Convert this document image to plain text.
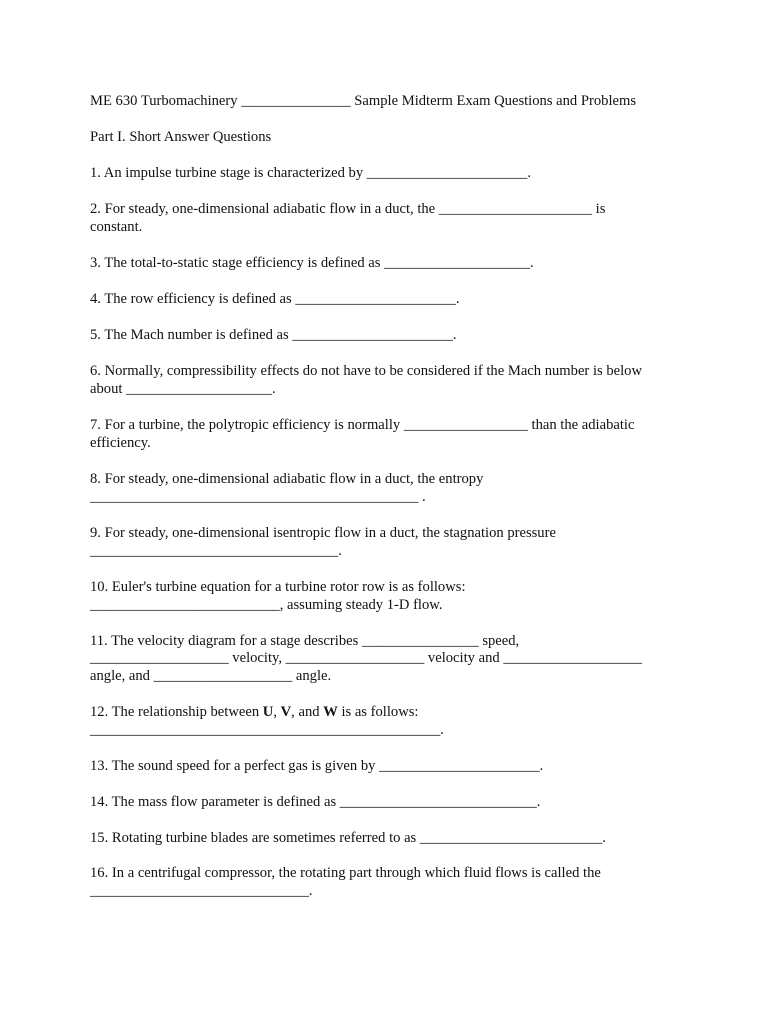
ME 630 Turbomachinery _______________ Sample Midterm Exam Questions and Problems

Part I. Short Answer Questions

1. An impulse turbine stage is characterized by ______________________.

2. For steady, one-dimensional adiabatic flow in a duct, the _____________________ is

constant.

3. The total-to-static stage efficiency is defined as ____________________.

4. The row efficiency is defined as ______________________.

5. The Mach number is defined as ______________________.

6. Normally, compressibility effects do not have to be considered if the Mach number is below

about ____________________.

7. For a turbine, the polytropic efficiency is normally _________________ than the adiabatic

efficiency.

8. For steady, one-dimensional adiabatic flow in a duct, the entropy

_____________________________________________ .

9. For steady, one-dimensional isentropic flow in a duct, the stagnation pressure

__________________________________.

10. Euler's turbine equation for a turbine rotor row is as follows:

__________________________, assuming steady 1-D flow.

11. The velocity diagram for a stage describes ________________ speed,

___________________ velocity, ___________________ velocity and ___________________

angle, and ___________________ angle.

12. The relationship between U, V, and W is as follows:

________________________________________________.

13. The sound speed for a perfect gas is given by ______________________.

14. The mass flow parameter is defined as ___________________________.

15. Rotating turbine blades are sometimes referred to as _________________________.

16. In a centrifugal compressor, the rotating part through which fluid flows is called the

______________________________.
